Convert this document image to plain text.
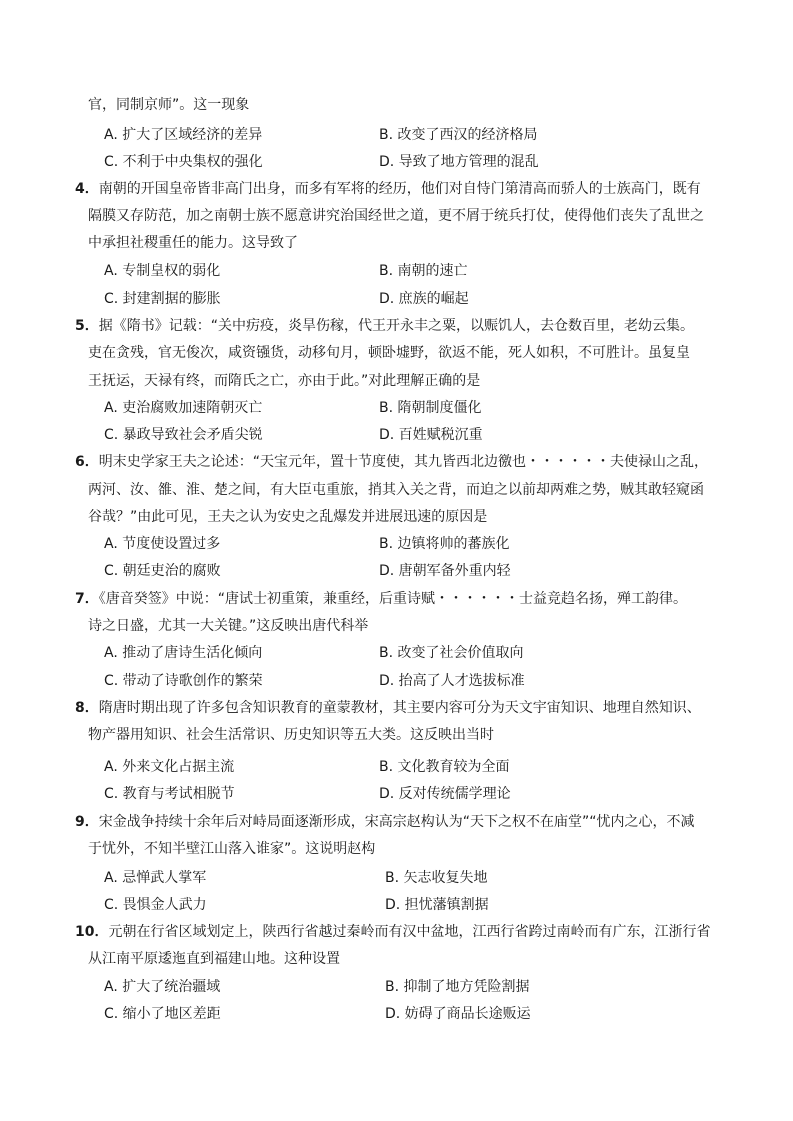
官，同制京师”。这一现象
A. 扩大了区域经济的差异	B. 改变了西汉的经济格局
C. 不利于中央集权的强化	D. 导致了地方管理的混乱
4．南朝的开国皇帝皆非高门出身，而多有军将的经历，他们对自恃门第清高而骄人的士族高门，既有
隔膜又存防范，加之南朝士族不愿意讲究治国经世之道，更不屑于统兵打仗，使得他们丧失了乱世之
中承担社稷重任的能力。这导致了
A. 专制皇权的弱化	B. 南朝的速亡
C. 封建割据的膨胀	D. 庶族的崛起
5．据《隋书》记载：“关中疠疫，炎旱伤稼，代王开永丰之粟，以赈饥人，去仓数百里，老幼云集。
吏在贪残，官无俊次，咸资镪货，动移旬月，顿卧墟野，欲返不能，死人如积，不可胜计。虽复皇
王抚运，天禄有终，而隋氏之亡，亦由于此。”对此理解正确的是
A. 吏治腐败加速隋朝灭亡	B. 隋朝制度僵化
C. 暴政导致社会矛盾尖锐	D. 百姓赋税沉重
6．明末史学家王夫之论述：“天宝元年，置十节度使，其九皆西北边徼也・・・・・・夫使禄山之乱，
两河、汝、雒、淮、楚之间，有大臣屯重旅，捎其入关之背，而迫之以前却两难之势，贼其敢轻窥函
谷哉？”由此可见，王夫之认为安史之乱爆发并进展迅速的原因是
A. 节度使设置过多	B. 边镇将帅的蕃族化
C. 朝廷吏治的腐败	D. 唐朝军备外重内轻
7．《唐音癸签》中说：“唐试士初重策，兼重经，后重诗赋・・・・・・士益竞趋名扬，殚工韵律。
诗之日盛，尤其一大关键。”这反映出唐代科举
A. 推动了唐诗生活化倾向	B. 改变了社会价值取向
C. 带动了诗歌创作的繁荣	D. 抬高了人才选拔标准
8．隋唐时期出现了许多包含知识教育的童蒙教材，其主要内容可分为天文宇宙知识、地理自然知识、
物产器用知识、社会生活常识、历史知识等五大类。这反映出当时
A. 外来文化占据主流	B. 文化教育较为全面
C. 教育与考试相脱节	D. 反对传统儒学理论
9．宋金战争持续十余年后对峙局面逐渐形成，宋高宗赵构认为“天下之权不在庙堂”“忧内之心，不减
于忧外，不知半壁江山落入谁家”。这说明赵构
A. 忌惮武人掌军	B. 矢志收复失地
C. 畏惧金人武力	D. 担忧藩镇割据
10．元朝在行省区域划定上，陕西行省越过秦岭而有汉中盆地，江西行省跨过南岭而有广东，江浙行省
从江南平原逶迤直到福建山地。这种设置
A. 扩大了统治疆域	B. 抑制了地方凭险割据
C. 缩小了地区差距	D. 妨碍了商品长途贩运
